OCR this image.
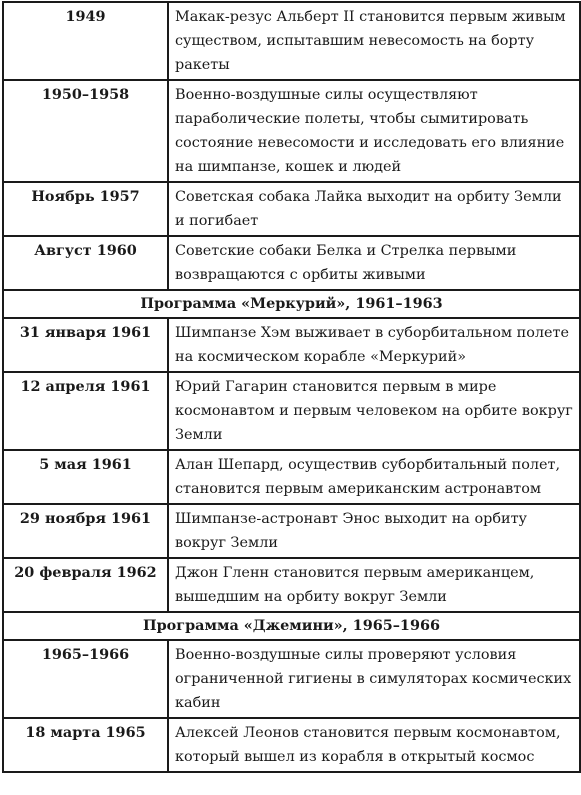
1949	Макак-резус Альберт II становится первым живым существом, испытавшим невесомость на борту ракеты
1950–1958	Военно-воздушные силы осуществляют параболические полеты, чтобы сымитировать состояние невесомости и исследовать его влияние на шимпанзе, кошек и людей
Ноябрь 1957	Советская собака Лайка выходит на орбиту Земли и погибает
Август 1960	Советские собаки Белка и Стрелка первыми возвращаются с орбиты живыми
Программа «Меркурий», 1961–1963	
31 января 1961	Шимпанзе Хэм выживает в суборбитальном полете на космическом корабле «Меркурий»
12 апреля 1961	Юрий Гагарин становится первым в мире космонавтом и первым человеком на орбите вокруг Земли
5 мая 1961	Алан Шепард, осуществив суборбитальный полет, становится первым американским астронавтом
29 ноября 1961	Шимпанзе-астронавт Энос выходит на орбиту вокруг Земли
20 февраля 1962	Джон Гленн становится первым американцем, вышедшим на орбиту вокруг Земли
Программа «Джемини», 1965–1966	
1965–1966	Военно-воздушные силы проверяют условия ограниченной гигиены в симуляторах космических кабин
18 марта 1965	Алексей Леонов становится первым космонавтом, который вышел из корабля в открытый космос
